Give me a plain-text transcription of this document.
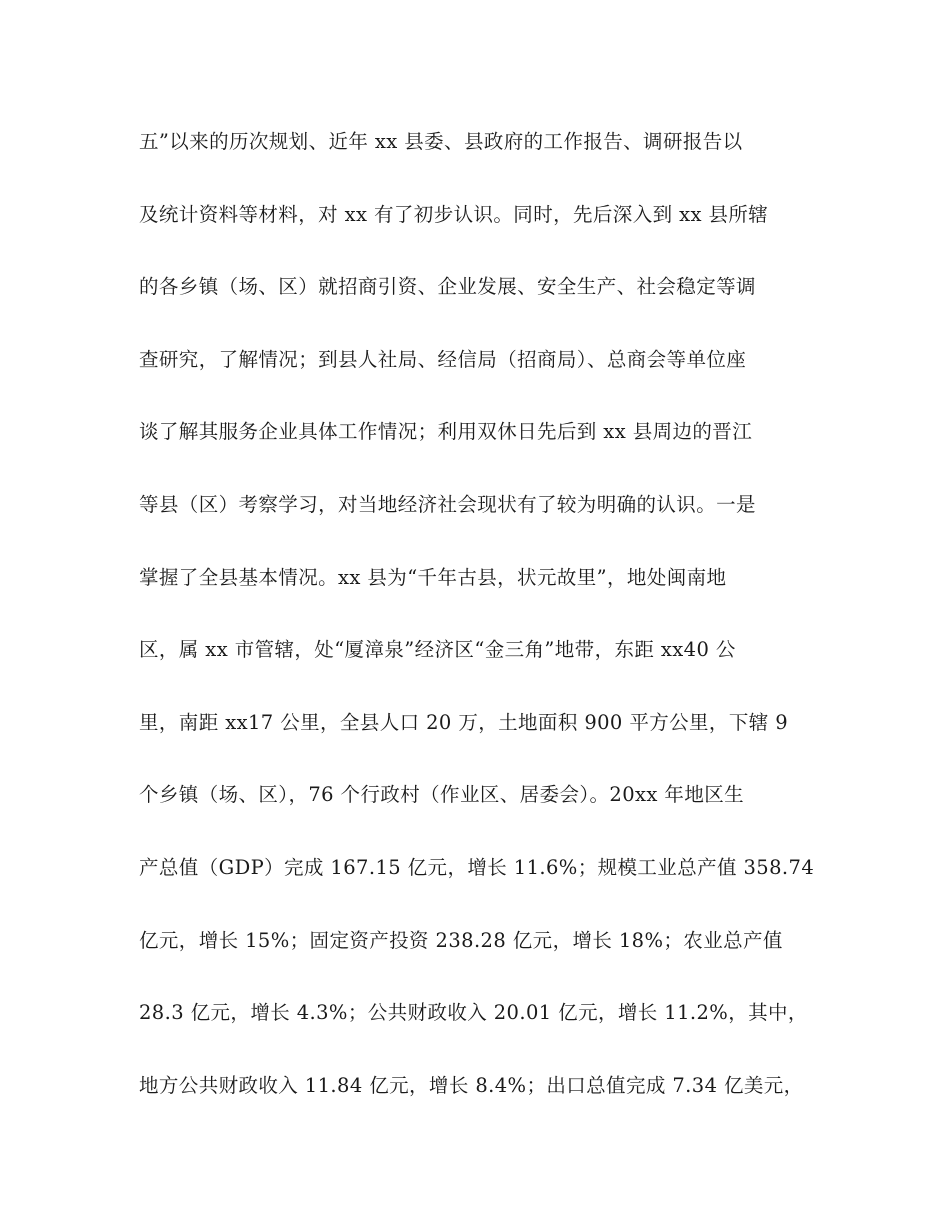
五”以来的历次规划、近年 xx 县委、县政府的工作报告、调研报告以
及统计资料等材料，对 xx 有了初步认识。同时，先后深入到 xx 县所辖
的各乡镇（场、区）就招商引资、企业发展、安全生产、社会稳定等调
查研究，了解情况；到县人社局、经信局（招商局）、总商会等单位座
谈了解其服务企业具体工作情况；利用双休日先后到 xx 县周边的晋江
等县（区）考察学习，对当地经济社会现状有了较为明确的认识。一是
掌握了全县基本情况。xx 县为“千年古县，状元故里”，地处闽南地
区，属 xx 市管辖，处“厦漳泉”经济区“金三角”地带，东距 xx40 公
里，南距 xx17 公里，全县人口 20 万，土地面积 900 平方公里，下辖 9
个乡镇（场、区），76 个行政村（作业区、居委会）。20xx 年地区生
产总值（GDP）完成 167.15 亿元，增长 11.6%；规模工业总产值 358.74
亿元，增长 15%；固定资产投资 238.28 亿元，增长 18%；农业总产值
28.3 亿元，增长 4.3%；公共财政收入 20.01 亿元，增长 11.2%，其中，
地方公共财政收入 11.84 亿元，增长 8.4%；出口总值完成 7.34 亿美元，
